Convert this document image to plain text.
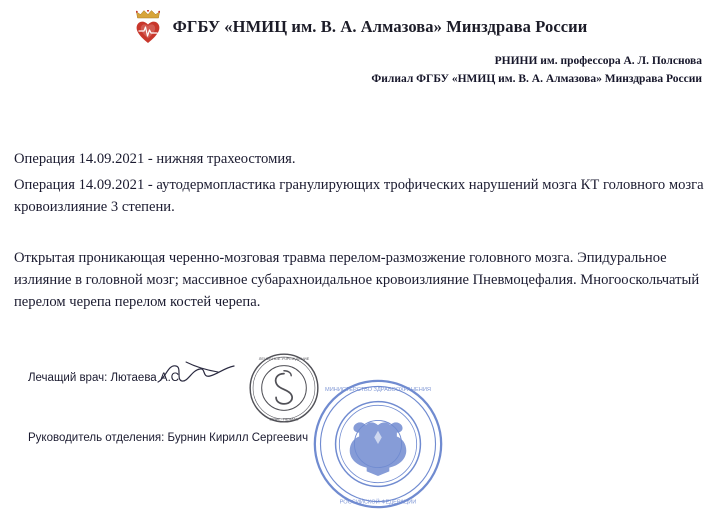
ФГБУ «НМИЦ им. В. А. Алмазова» Минздрава России
РНИНИ им. профессора А. Л. Полснова
Филиал ФГБУ «НМИЦ им. В. А. Алмазова» Минздрава России

Операция 14.09.2021 - нижняя трахеостомия.

Операция 14.09.2021 - аутодермопластика гранулирующих трофических нарушений мозга КТ головного мозга кровоизлияние 3 степени.

Открытая проникающая черенно-мозговая травма перелом-размозжение головного мозга. Эпидуральное излияние в головной мозг; массивное субарахноидальное кровоизлияние Пневмоцефалия. Многооскольчатый перелом черепа перелом костей черепа.

Лечащий врач: Лютаева А.С.
Руководитель отделения: Бурнин Кирилл Сергеевич
ЛЕЧЕБНОЕ УЧРЕЖДЕНИЕ
ВРАЧ · ПЕЧАТЬ
МИНИСТЕРСТВО ЗДРАВООХРАНЕНИЯ
РОССИЙСКОЙ ФЕДЕРАЦИИ
